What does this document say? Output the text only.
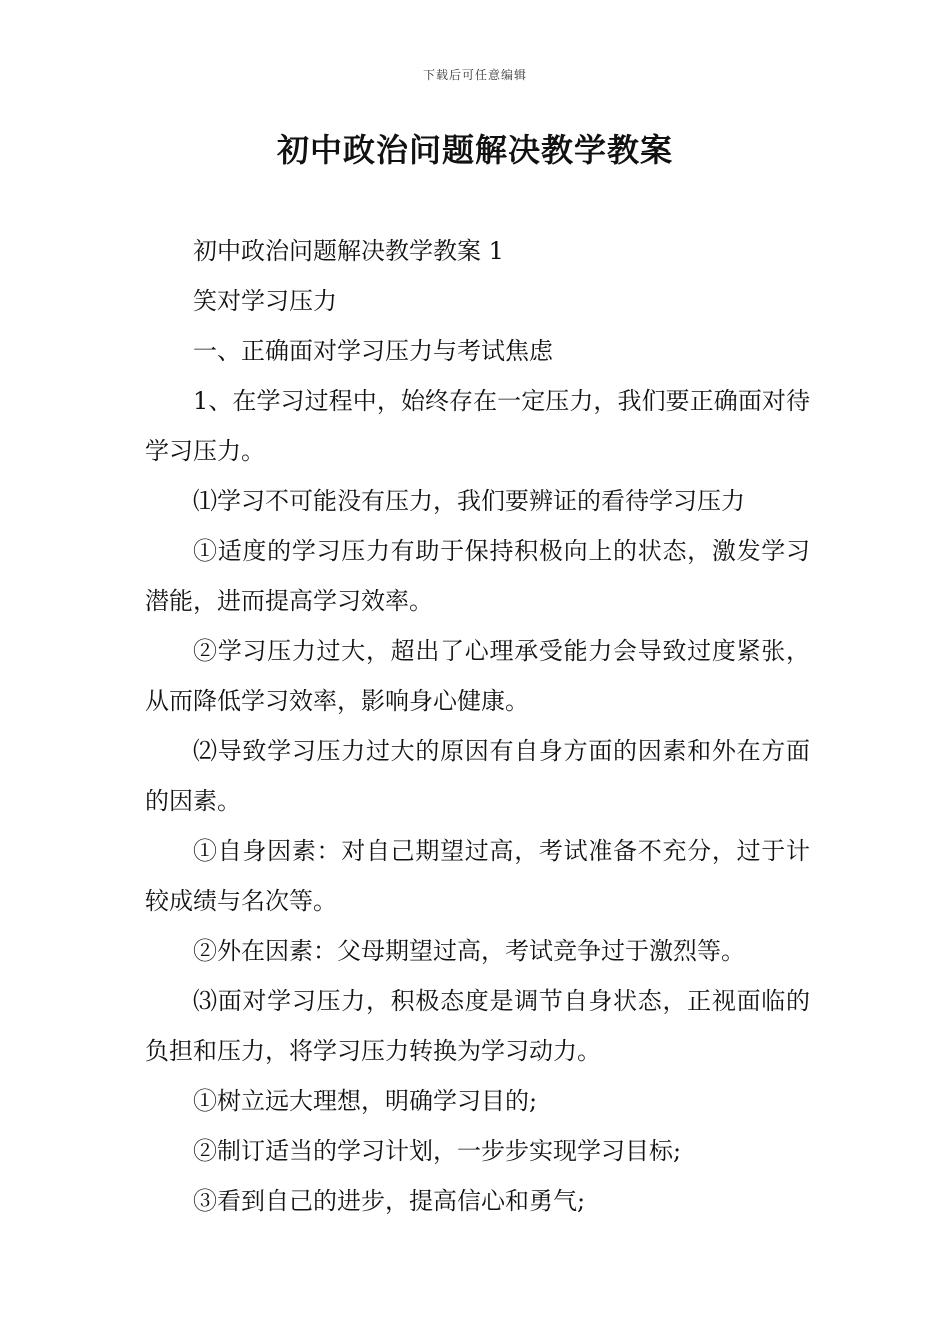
下载后可任意编辑
初中政治问题解决教学教案

初中政治问题解决教学教案 1

笑对学习压力

一、正确面对学习压力与考试焦虑

1、在学习过程中，始终存在一定压力，我们要正确面对待学习压力。

⑴学习不可能没有压力，我们要辨证的看待学习压力

①适度的学习压力有助于保持积极向上的状态，激发学习潜能，进而提高学习效率。

②学习压力过大，超出了心理承受能力会导致过度紧张，从而降低学习效率，影响身心健康。

⑵导致学习压力过大的原因有自身方面的因素和外在方面的因素。

①自身因素：对自己期望过高，考试准备不充分，过于计较成绩与名次等。

②外在因素：父母期望过高，考试竞争过于激烈等。

⑶面对学习压力，积极态度是调节自身状态，正视面临的负担和压力，将学习压力转换为学习动力。

①树立远大理想，明确学习目的;

②制订适当的学习计划，一步步实现学习目标;

③看到自己的进步，提高信心和勇气;
